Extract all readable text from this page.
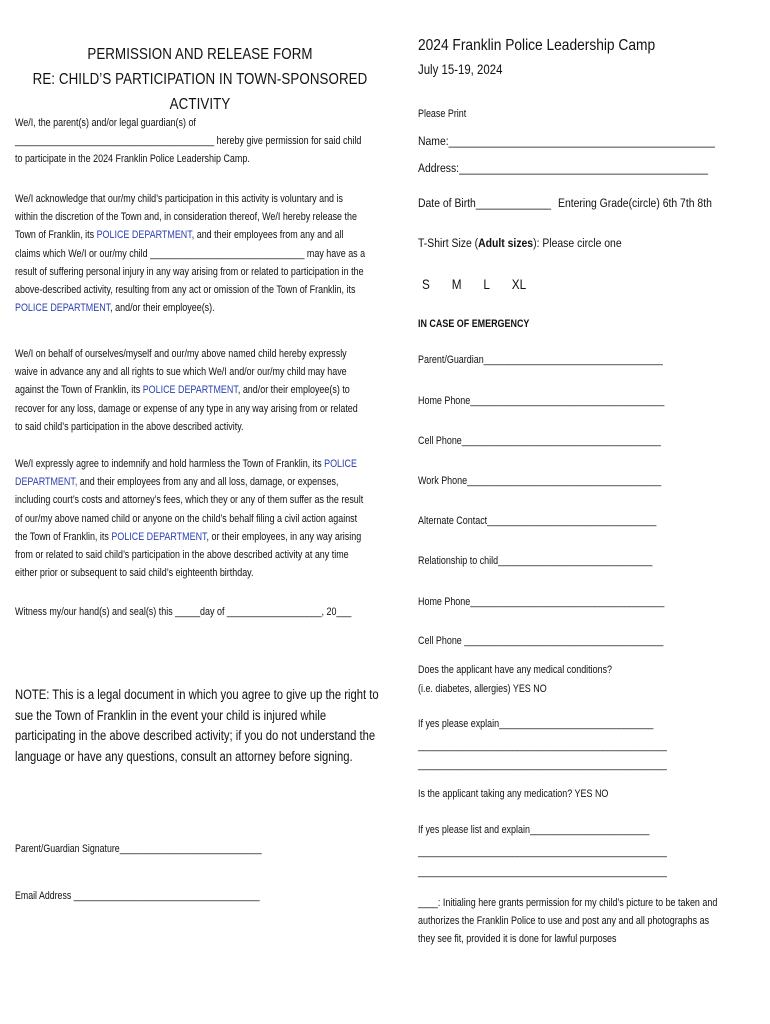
PERMISSION AND RELEASE FORM
RE: CHILD’S PARTICIPATION IN TOWN-SPONSORED ACTIVITY
We/I, the parent(s) and/or legal guardian(s) of ________________________________________ hereby give permission for said child to participate in the 2024 Franklin Police Leadership Camp.
We/I acknowledge that our/my child’s participation in this activity is voluntary and is within the discretion of the Town and, in consideration thereof, We/I hereby release the Town of Franklin, its POLICE DEPARTMENT, and their employees from any and all claims which We/I or our/my child _______________________________ may have as a result of suffering personal injury in any way arising from or related to participation in the above-described activity, resulting from any act or omission of the Town of Franklin, its POLICE DEPARTMENT, and/or their employee(s).
We/I on behalf of ourselves/myself and our/my above named child hereby expressly waive in advance any and all rights to sue which We/I and/or our/my child may have against the Town of Franklin, its POLICE DEPARTMENT, and/or their employee(s) to recover for any loss, damage or expense of any type in any way arising from or related to said child’s participation in the above described activity.
We/I expressly agree to indemnify and hold harmless the Town of Franklin, its POLICE DEPARTMENT, and their employees from any and all loss, damage, or expenses, including court’s costs and attorney’s fees, which they or any of them suffer as the result of our/my above named child or anyone on the child’s behalf filing a civil action against the Town of Franklin, its POLICE DEPARTMENT, or their employees, in any way arising from or related to said child’s participation in the above described activity at any time either prior or subsequent to said child’s eighteenth birthday.
Witness my/our hand(s) and seal(s) this _____day of ___________________, 20___
NOTE: This is a legal document in which you agree to give up the right to sue the Town of Franklin in the event your child is injured while participating in the above described activity; if you do not understand the language or have any questions, consult an attorney before signing.
Parent/Guardian Signature_____________________________
Email Address ______________________________________
2024 Franklin Police Leadership Camp
July 15-19, 2024
Please Print
Name:______________________________________________
Address:___________________________________________
Date of Birth_____________ Entering Grade(circle) 6th 7th 8th
T-Shirt Size (Adult sizes): Please circle one
S M L XL
IN CASE OF EMERGENCY
Parent/Guardian____________________________________
Home Phone_______________________________________
Cell Phone________________________________________
Work Phone_______________________________________
Alternate Contact__________________________________
Relationship to child_______________________________
Home Phone_______________________________________
Cell Phone ________________________________________
Does the applicant have any medical conditions?
(i.e. diabetes, allergies) YES NO
If yes please explain_______________________________
__________________________________________________
__________________________________________________
Is the applicant taking any medication? YES NO
If yes please list and explain________________________
__________________________________________________
__________________________________________________
____: Initialing here grants permission for my child’s picture to be taken and authorizes the Franklin Police to use and post any and all photographs as they see fit, provided it is done for lawful purposes
